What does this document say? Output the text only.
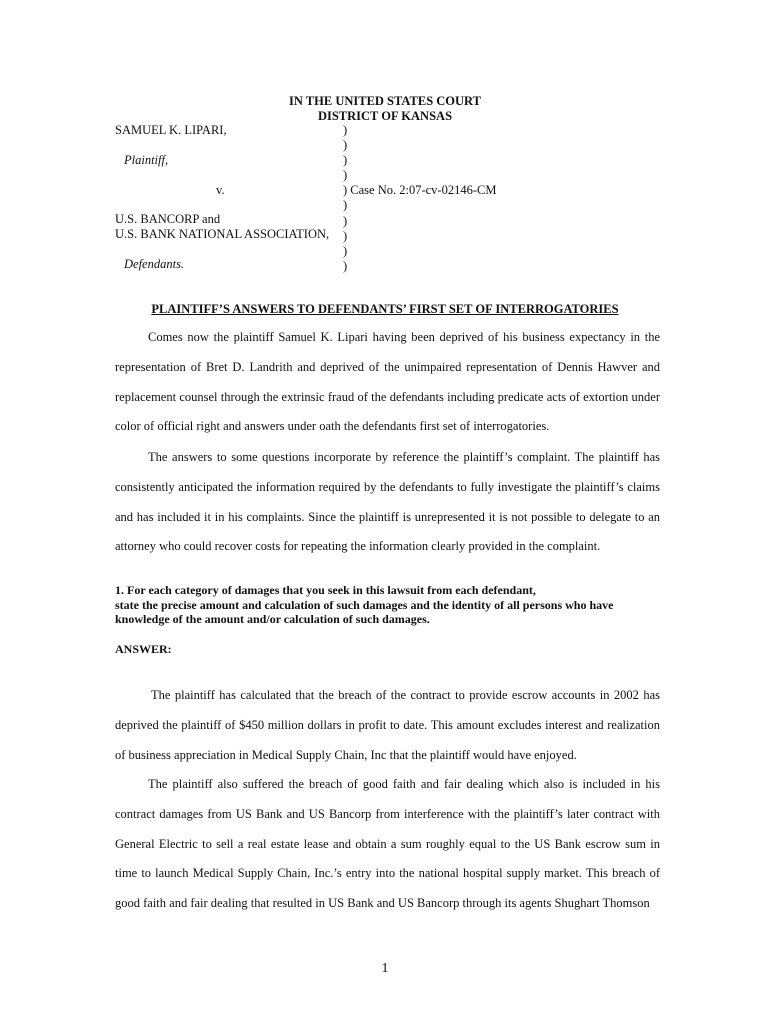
IN THE UNITED STATES COURT
DISTRICT OF KANSAS
SAMUEL K. LIPARI,
Plaintiff,
v.
U.S. BANCORP and
U.S. BANK NATIONAL ASSOCIATION,
Defendants.
)
)
)
)
) Case No. 2:07-cv-02146-CM
)
)
)
)
)
PLAINTIFF’S ANSWERS TO DEFENDANTS’ FIRST SET OF INTERROGATORIES
Comes now the plaintiff Samuel K. Lipari having been deprived of his business expectancy in the representation of Bret D. Landrith and deprived of the unimpaired representation of Dennis Hawver and replacement counsel through the extrinsic fraud of the defendants including predicate acts of extortion under color of official right and answers under oath the defendants first set of interrogatories.
The answers to some questions incorporate by reference the plaintiff’s complaint. The plaintiff has consistently anticipated the information required by the defendants to fully investigate the plaintiff’s claims and has included it in his complaints. Since the plaintiff is unrepresented it is not possible to delegate to an attorney who could recover costs for repeating the information clearly provided in the complaint.
1. For each category of damages that you seek in this lawsuit from each defendant,
state the precise amount and calculation of such damages and the identity of all persons who have
knowledge of the amount and/or calculation of such damages.
ANSWER:
The plaintiff has calculated that the breach of the contract to provide escrow accounts in 2002 has deprived the plaintiff of $450 million dollars in profit to date. This amount excludes interest and realization of business appreciation in Medical Supply Chain, Inc that the plaintiff would have enjoyed.
The plaintiff also suffered the breach of good faith and fair dealing which also is included in his contract damages from US Bank and US Bancorp from interference with the plaintiff’s later contract with General Electric to sell a real estate lease and obtain a sum roughly equal to the US Bank escrow sum in time to launch Medical Supply Chain, Inc.’s entry into the national hospital supply market. This breach of good faith and fair dealing that resulted in US Bank and US Bancorp through its agents Shughart Thomson
1
